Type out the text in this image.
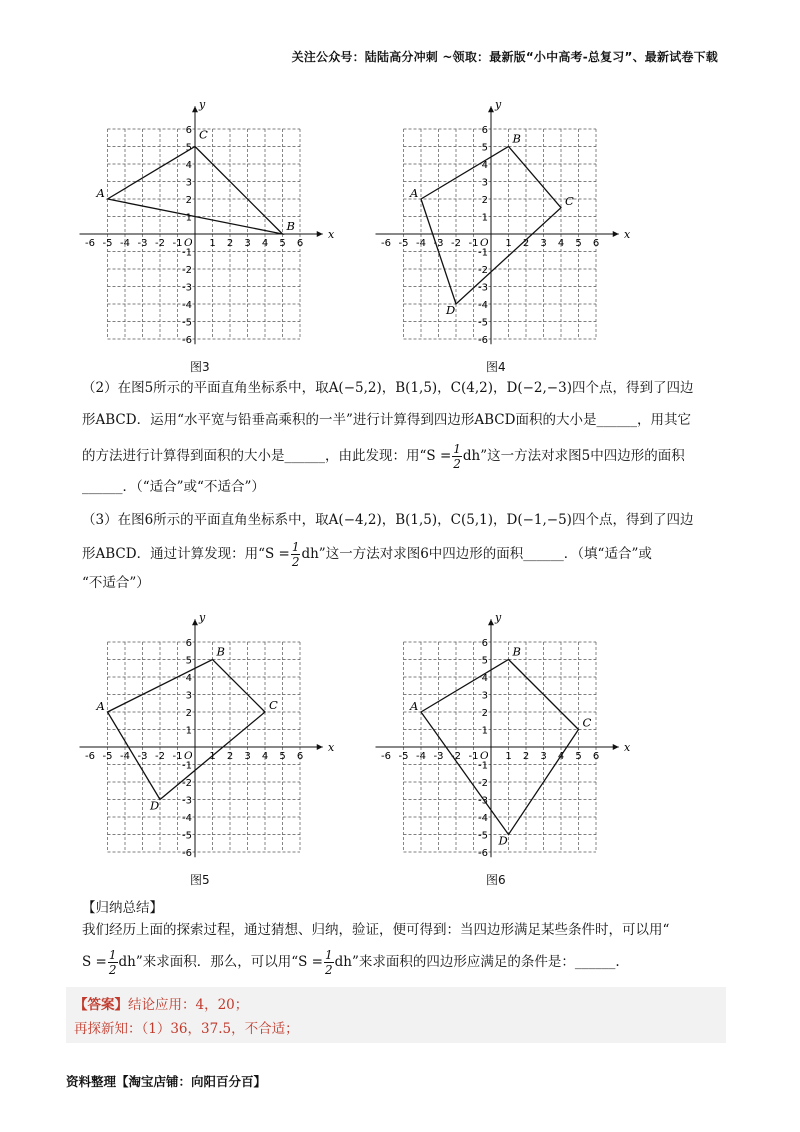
关注公众号：陆陆高分冲刺 ~领取：最新版“小中高考-总复习”、最新试卷下载
x
y
O
-6 -5 -4 -3 -2 -1	1 2 3 4 5 6
6
5
4
3
2
1
-1
-2
-3
-4
-5
-6
A
B
C
图3
x
y
O
-6 -5 -4 -3 -2 -1	1 2 3 4 5 6
6
5
4
3
2
1
-1
-2
-3
-4
-5
-6
A
B
C
D
图4
x
y
O
-6 -5 -4 -3 -2 -1	1 2 3 4 5 6
6
5
4
3
2
1
-1
-2
-3
-4
-5
-6
A
B
C
D
图5
x
y
O
-6 -5 -4 -3 -2 -1	1 2 3 4 5 6
6
5
4
3
2
1
-1
-2
-3
-4
-5
-6
A
B
C
D
图6
（2）在图5所示的平面直角坐标系中，取A(−5,2)，B(1,5)，C(4,2)，D(−2,−3)四个点，得到了四边
形ABCD．运用“水平宽与铅垂高乘积的一半”进行计算得到四边形ABCD面积的大小是______，用其它
的方法进行计算得到面积的大小是______，由此发现：用“$S = \frac{1}{2}$ dh”这一方法对求图5中四边形的面积
______．（“适合”或“不适合”）
（3）在图6所示的平面直角坐标系中，取A(−4,2)，B(1,5)，C(5,1)，D(−1,−5)四个点，得到了四边
形ABCD．通过计算发现：用“$S = \frac{1}{2}$ dh”这一方法对求图6中四边形的面积______．（填“适合”或
“不适合”）
【归纳总结】
我们经历上面的探索过程，通过猜想、归纳，验证，便可得到：当四边形满足某些条件时，可以用“
$S = \frac{1}{2}$ dh”来求面积．那么，可以用“$S = \frac{1}{2}$ dh”来求面积的四边形应满足的条件是：______.
【答案】结论应用：4，20；
再探新知：（1）36，37.5，不合适；
资料整理【淘宝店铺：向阳百分百】
